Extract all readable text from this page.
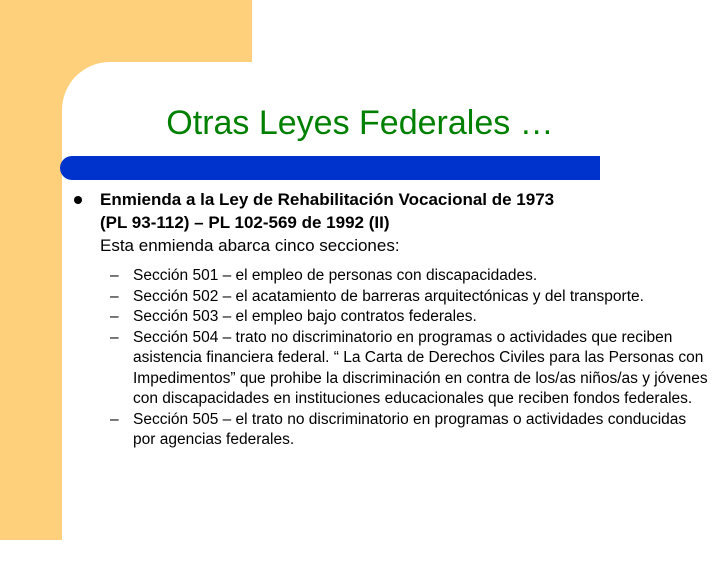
Otras Leyes Federales …
Enmienda a la Ley de Rehabilitación Vocacional de 1973
(PL 93-112) – PL 102-569 de 1992 (II)
Esta enmienda abarca cinco secciones:
– Sección 501 – el empleo de personas con discapacidades.
– Sección 502 – el acatamiento de barreras arquitectónicas y del transporte.
– Sección 503 – el empleo bajo contratos federales.
– Sección 504 – trato no discriminatorio en programas o actividades que reciben asistencia financiera federal. “ La Carta de Derechos Civiles para las Personas con Impedimentos” que prohibe la discriminación en contra de los/as niños/as y jóvenes con discapacidades en instituciones educacionales que reciben fondos federales.
– Sección 505 – el trato no discriminatorio en programas o actividades conducidas por agencias federales.
